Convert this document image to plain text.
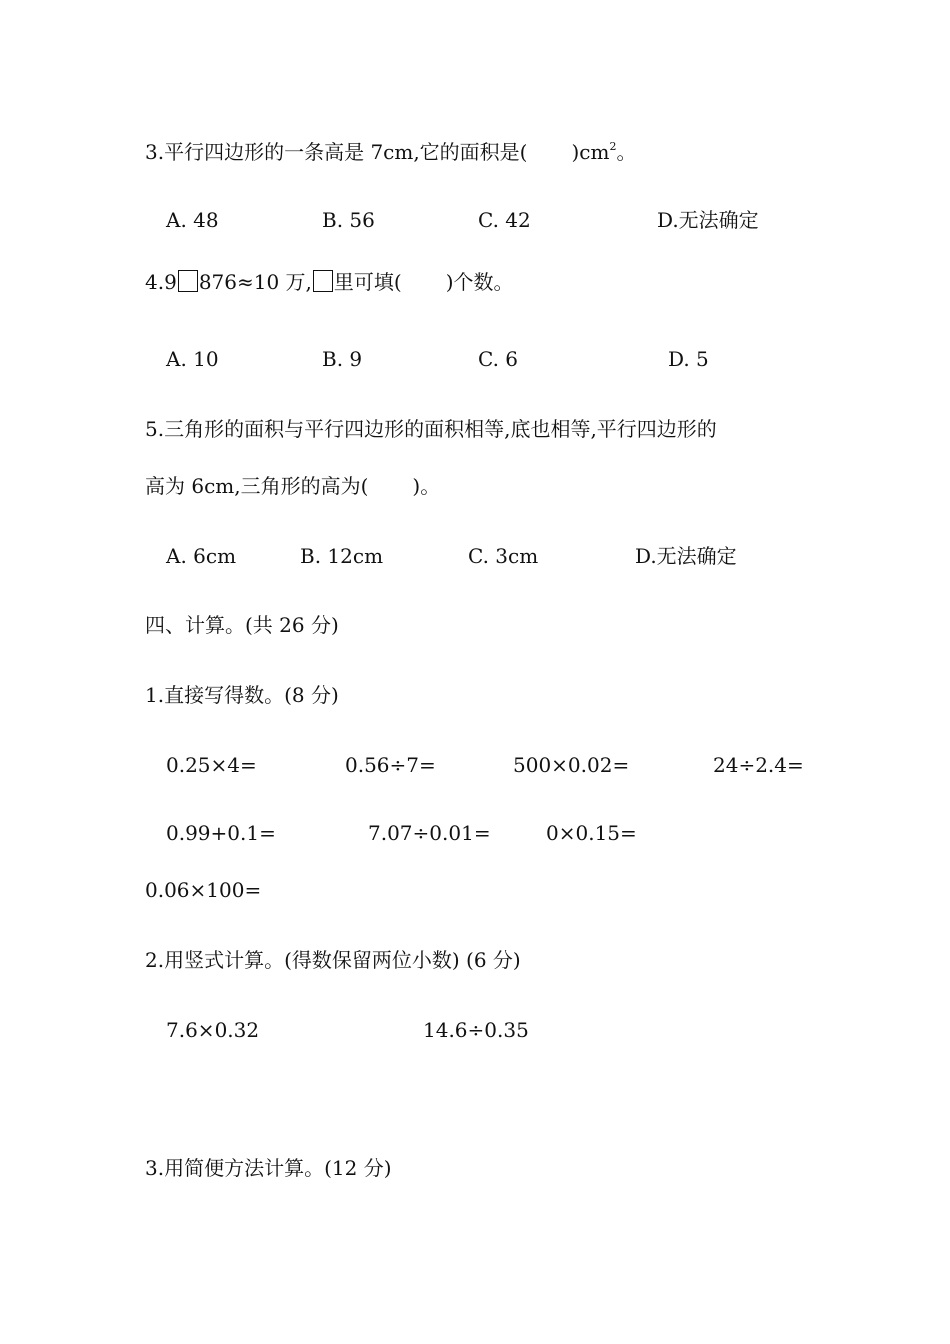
3.平行四边形的一条高是 7cm,它的面积是( )$cm^2$。
A. 48	B. 56	C. 42	D.无法确定
4.9 876≈10 万, 里可填( )个数。
A. 10	B. 9	C. 6	D. 5
5.三角形的面积与平行四边形的面积相等,底也相等,平行四边形的
高为 6cm,三角形的高为( )。
A. 6cm	B. 12cm	C. 3cm	D.无法确定
四、计算。(共 26 分)
1.直接写得数。(8 分)
0.25×4=	0.56÷7=	500×0.02=	24÷2.4=
0.99+0.1=	7.07÷0.01=	0×0.15=
0.06×100=
2.用竖式计算。(得数保留两位小数) (6 分)
7.6×0.32	14.6÷0.35
3.用简便方法计算。(12 分)
